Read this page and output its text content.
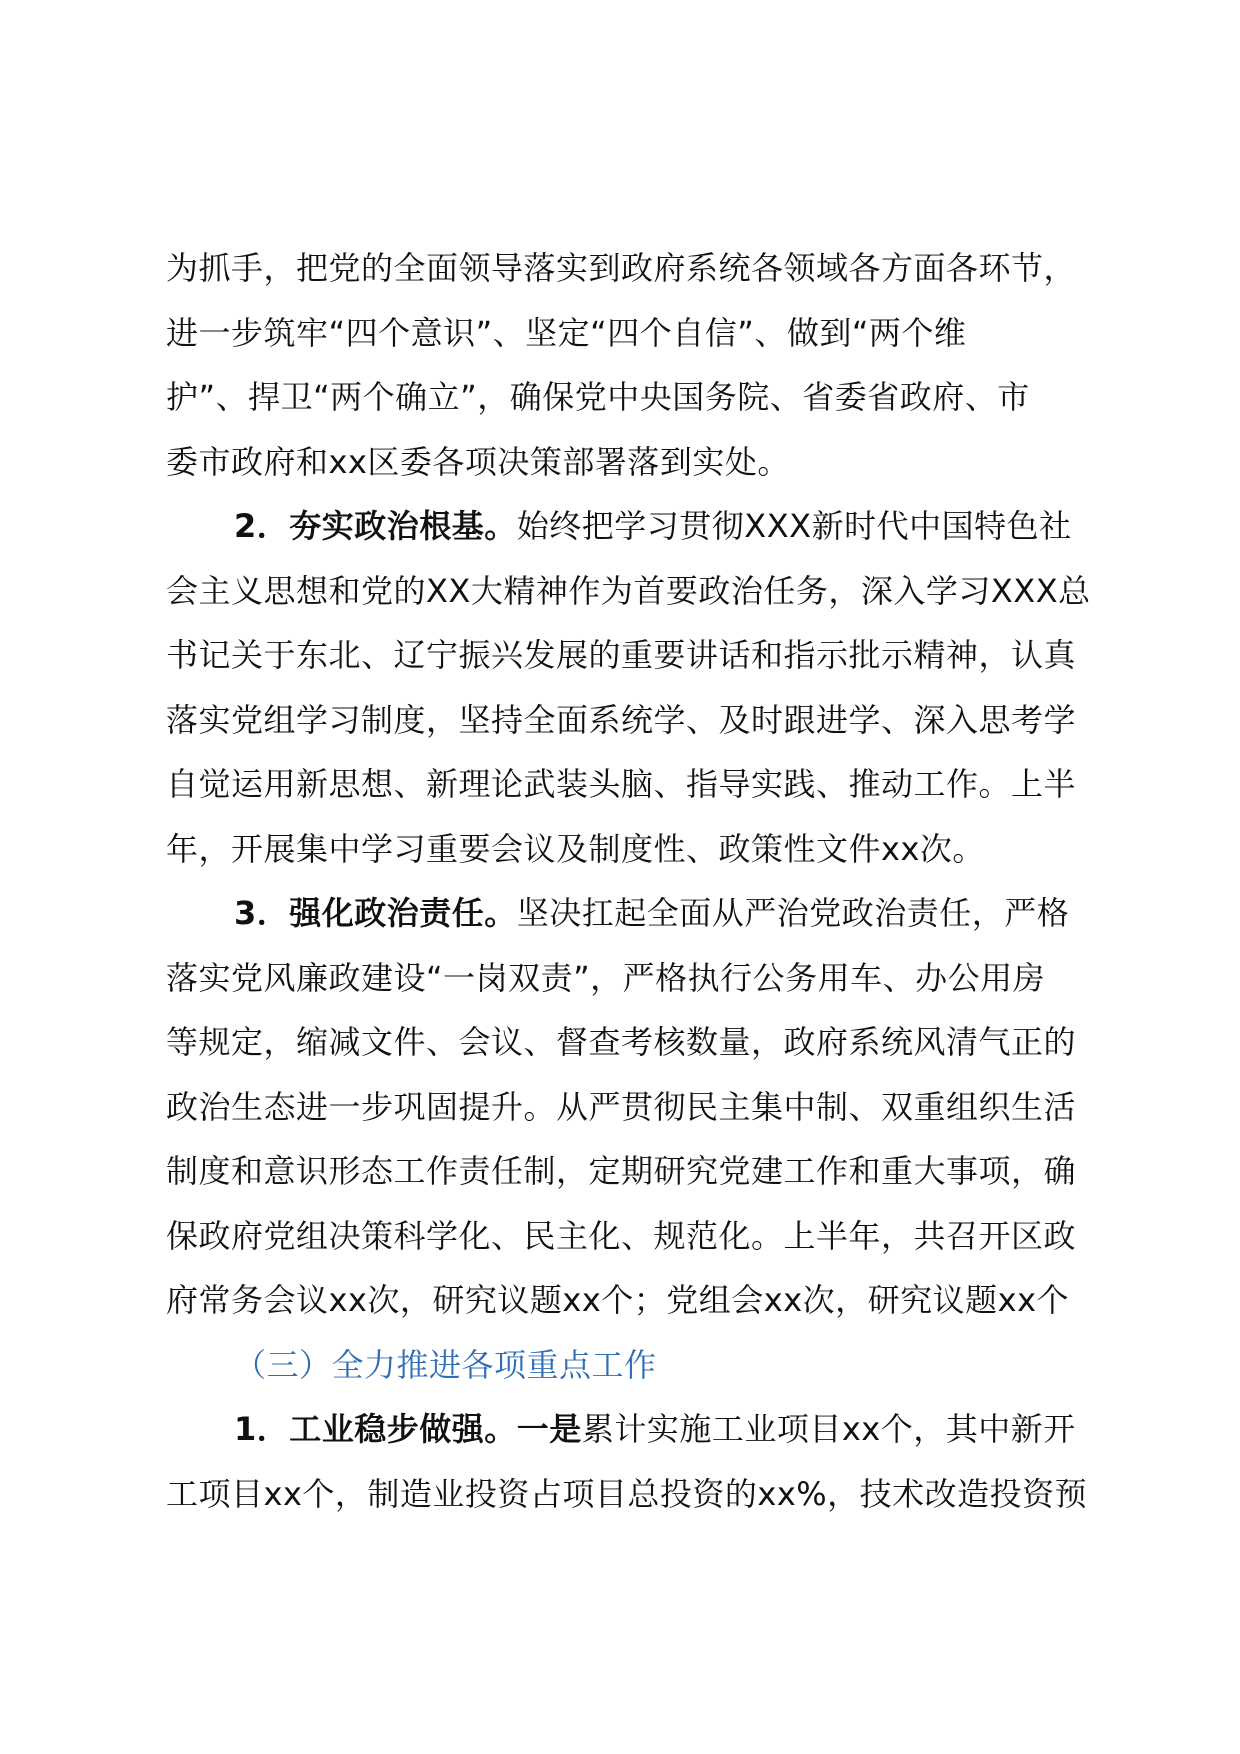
为抓手，把党的全面领导落实到政府系统各领域各方面各环节，
进一步筑牢“四个意识”、坚定“四个自信”、做到“两个维
护”、捍卫“两个确立”，确保党中央国务院、省委省政府、市
委市政府和xx区委各项决策部署落到实处。
2．夯实政治根基。始终把学习贯彻XXX新时代中国特色社
会主义思想和党的XX大精神作为首要政治任务，深入学习XXX总
书记关于东北、辽宁振兴发展的重要讲话和指示批示精神，认真
落实党组学习制度，坚持全面系统学、及时跟进学、深入思考学
自觉运用新思想、新理论武装头脑、指导实践、推动工作。上半
年，开展集中学习重要会议及制度性、政策性文件xx次。
3．强化政治责任。坚决扛起全面从严治党政治责任，严格
落实党风廉政建设“一岗双责”，严格执行公务用车、办公用房
等规定，缩减文件、会议、督查考核数量，政府系统风清气正的
政治生态进一步巩固提升。从严贯彻民主集中制、双重组织生活
制度和意识形态工作责任制，定期研究党建工作和重大事项，确
保政府党组决策科学化、民主化、规范化。上半年，共召开区政
府常务会议xx次，研究议题xx个；党组会xx次，研究议题xx个
（三）全力推进各项重点工作
1．工业稳步做强。一是累计实施工业项目xx个，其中新开
工项目xx个，制造业投资占项目总投资的xx%，技术改造投资预
